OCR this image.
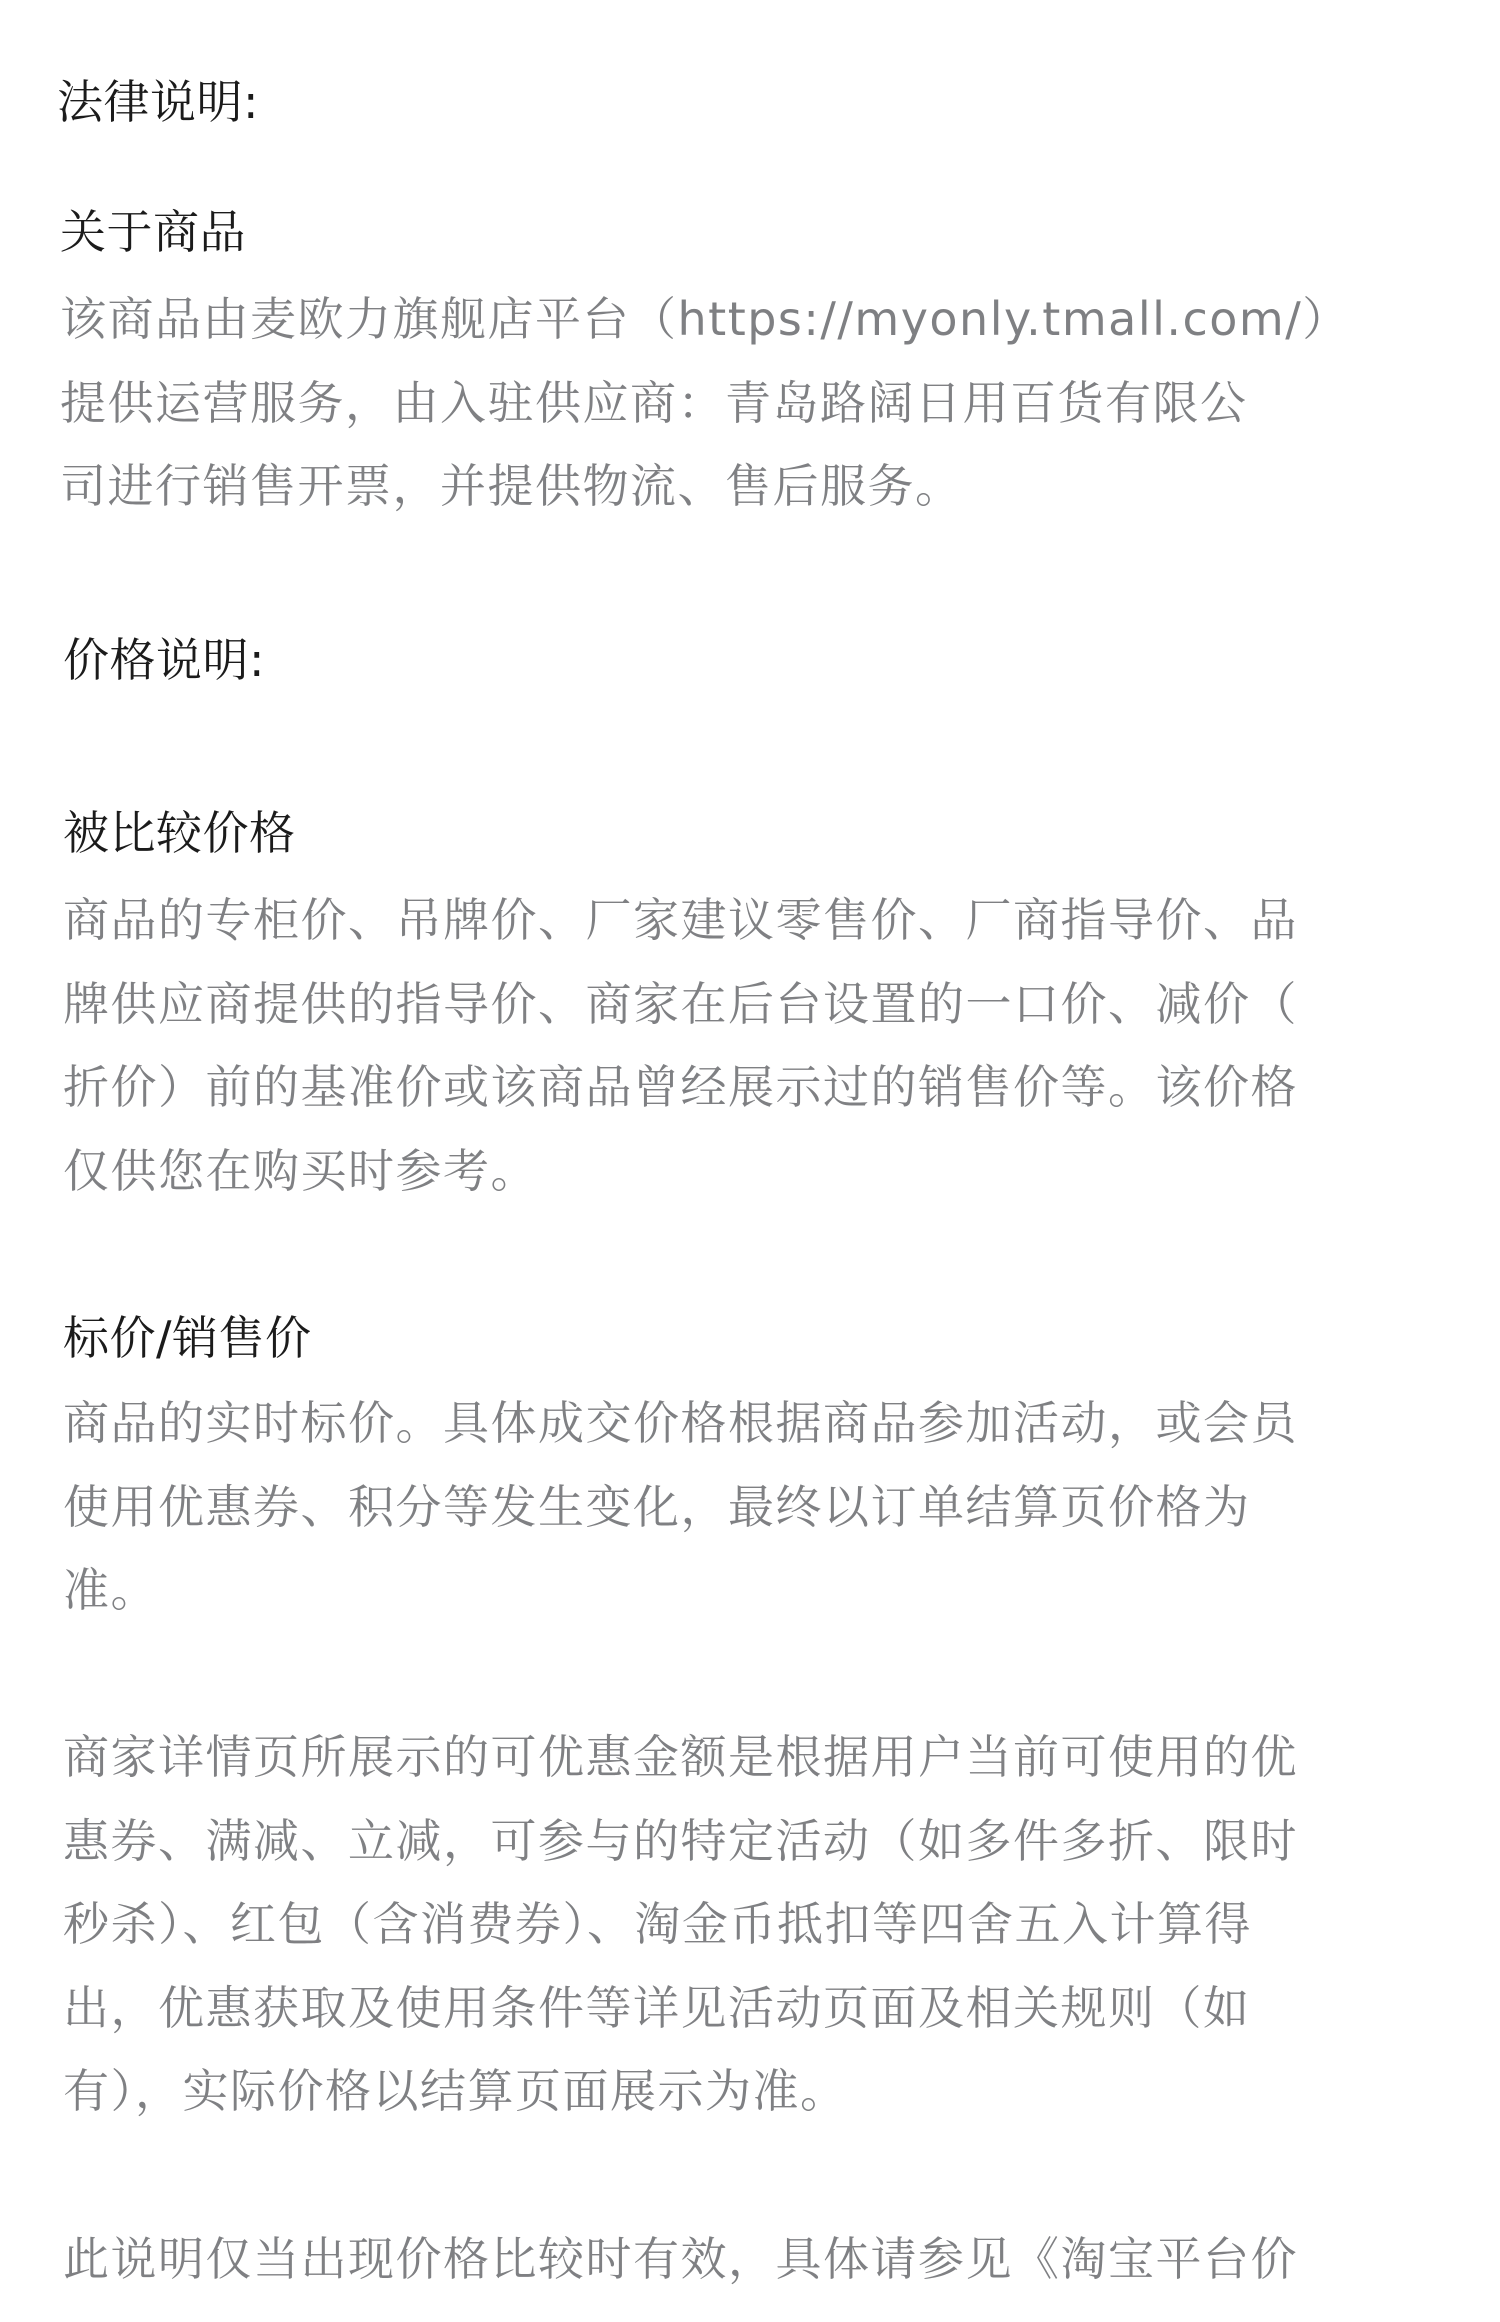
法律说明:
关于商品

该商品由麦欧力旗舰店平台（https://myonly.tmall.com/）
提供运营服务，由入驻供应商：青岛路阔日用百货有限公
司进行销售开票，并提供物流、售后服务。

价格说明:
被比较价格

商品的专柜价、吊牌价、厂家建议零售价、厂商指导价、品
牌供应商提供的指导价、商家在后台设置的一口价、减价（
折价）前的基准价或该商品曾经展示过的销售价等。该价格
仅供您在购买时参考。

标价/销售价

商品的实时标价。具体成交价格根据商品参加活动，或会员
使用优惠券、积分等发生变化，最终以订单结算页价格为
准。

商家详情页所展示的可优惠金额是根据用户当前可使用的优
惠券、满减、立减，可参与的特定活动（如多件多折、限时
秒杀）、红包（含消费券）、淘金币抵扣等四舍五入计算得
出，优惠获取及使用条件等详见活动页面及相关规则（如
有），实际价格以结算页面展示为准。

此说明仅当出现价格比较时有效，具体请参见《淘宝平台价
